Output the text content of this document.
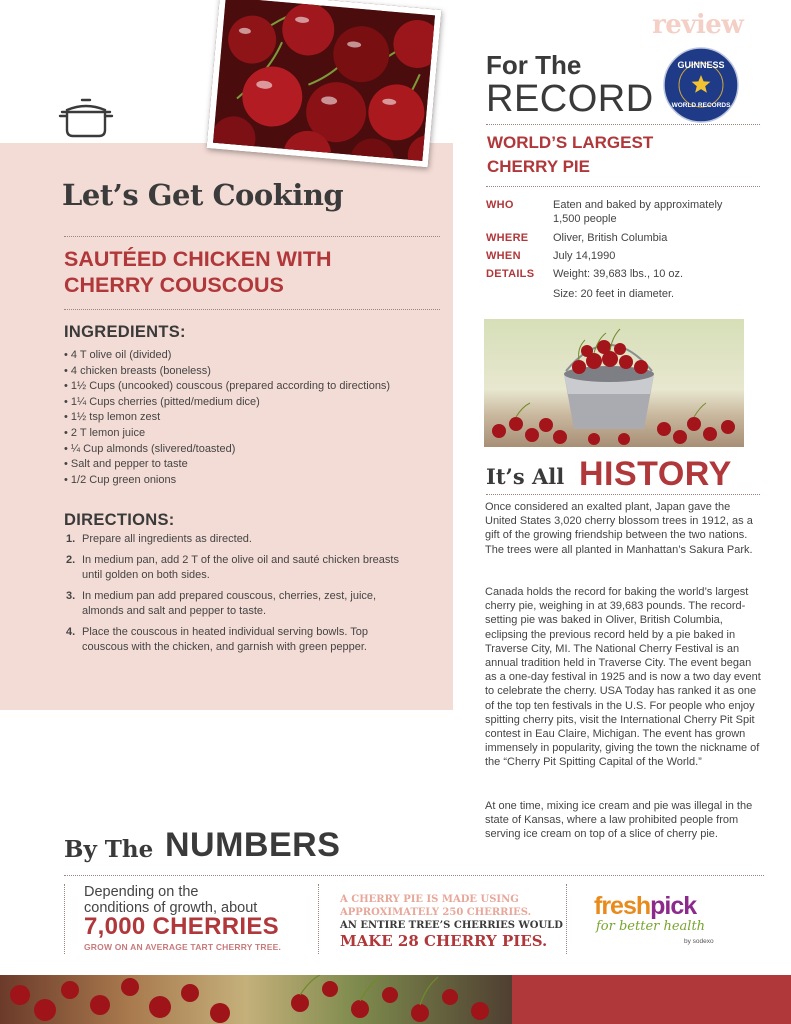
Let’s Get Cooking
SAUTÉED CHICKEN WITH
CHERRY COUSCOUS
INGREDIENTS:
• 4 T olive oil (divided)
• 4 chicken breasts (boneless)
• 1½ Cups (uncooked) couscous (prepared according to directions)
• 1¼ Cups cherries (pitted/medium dice)
• 1½ tsp lemon zest
• 2 T lemon juice
• ¼ Cup almonds (slivered/toasted)
• Salt and pepper to taste
• 1/2 Cup green onions
DIRECTIONS:
1. Prepare all ingredients as directed.
2. In medium pan, add 2 T of the olive oil and sauté chicken breasts until golden on both sides.
3. In medium pan add prepared couscous, cherries, zest, juice, almonds and salt and pepper to taste.
4. Place the couscous in heated individual serving bowls. Top couscous with the chicken, and garnish with green pepper.
For The
RECORD
GUINNESS
WORLD RECORDS
WORLD’S LARGEST
CHERRY PIE
WHO	Eaten and baked by approximately
1,500 people
WHERE Oliver, British Columbia
WHEN	July 14,1990
DETAILS Weight: 39,683 lbs., 10 oz.
Size: 20 feet in diameter.
It’s All HISTORY
Once considered an exalted plant, Japan gave the United States 3,020 cherry blossom trees in 1912, as a gift of the growing friendship between the two nations. The trees were all planted in Manhattan’s Sakura Park.
Canada holds the record for baking the world’s largest cherry pie, weighing in at 39,683 pounds. The record-setting pie was baked in Oliver, British Columbia, eclipsing the previous record held by a pie baked in Traverse City, MI. The National Cherry Festival is an annual tradition held in Traverse City. The event began as a one-day festival in 1925 and is now a two day event to celebrate the cherry. USA Today has ranked it as one of the top ten festivals in the U.S. For people who enjoy spitting cherry pits, visit the International Cherry Pit Spit contest in Eau Claire, Michigan. The event has grown immensely in popularity, giving the town the nickname of the “Cherry Pit Spitting Capital of the World.”
At one time, mixing ice cream and pie was illegal in the state of Kansas, where a law prohibited people from serving ice cream on top of a slice of cherry pie.
By The NUMBERS
Depending on the
conditions of growth, about
7,000 CHERRIES
GROW ON AN AVERAGE TART CHERRY TREE.
A CHERRY PIE IS MADE USING
APPROXIMATELY 250 CHERRIES.
AN ENTIRE TREE’S CHERRIES WOULD
MAKE 28 CHERRY PIES.
freshpick
for better health
by sodexo
freshpick review
